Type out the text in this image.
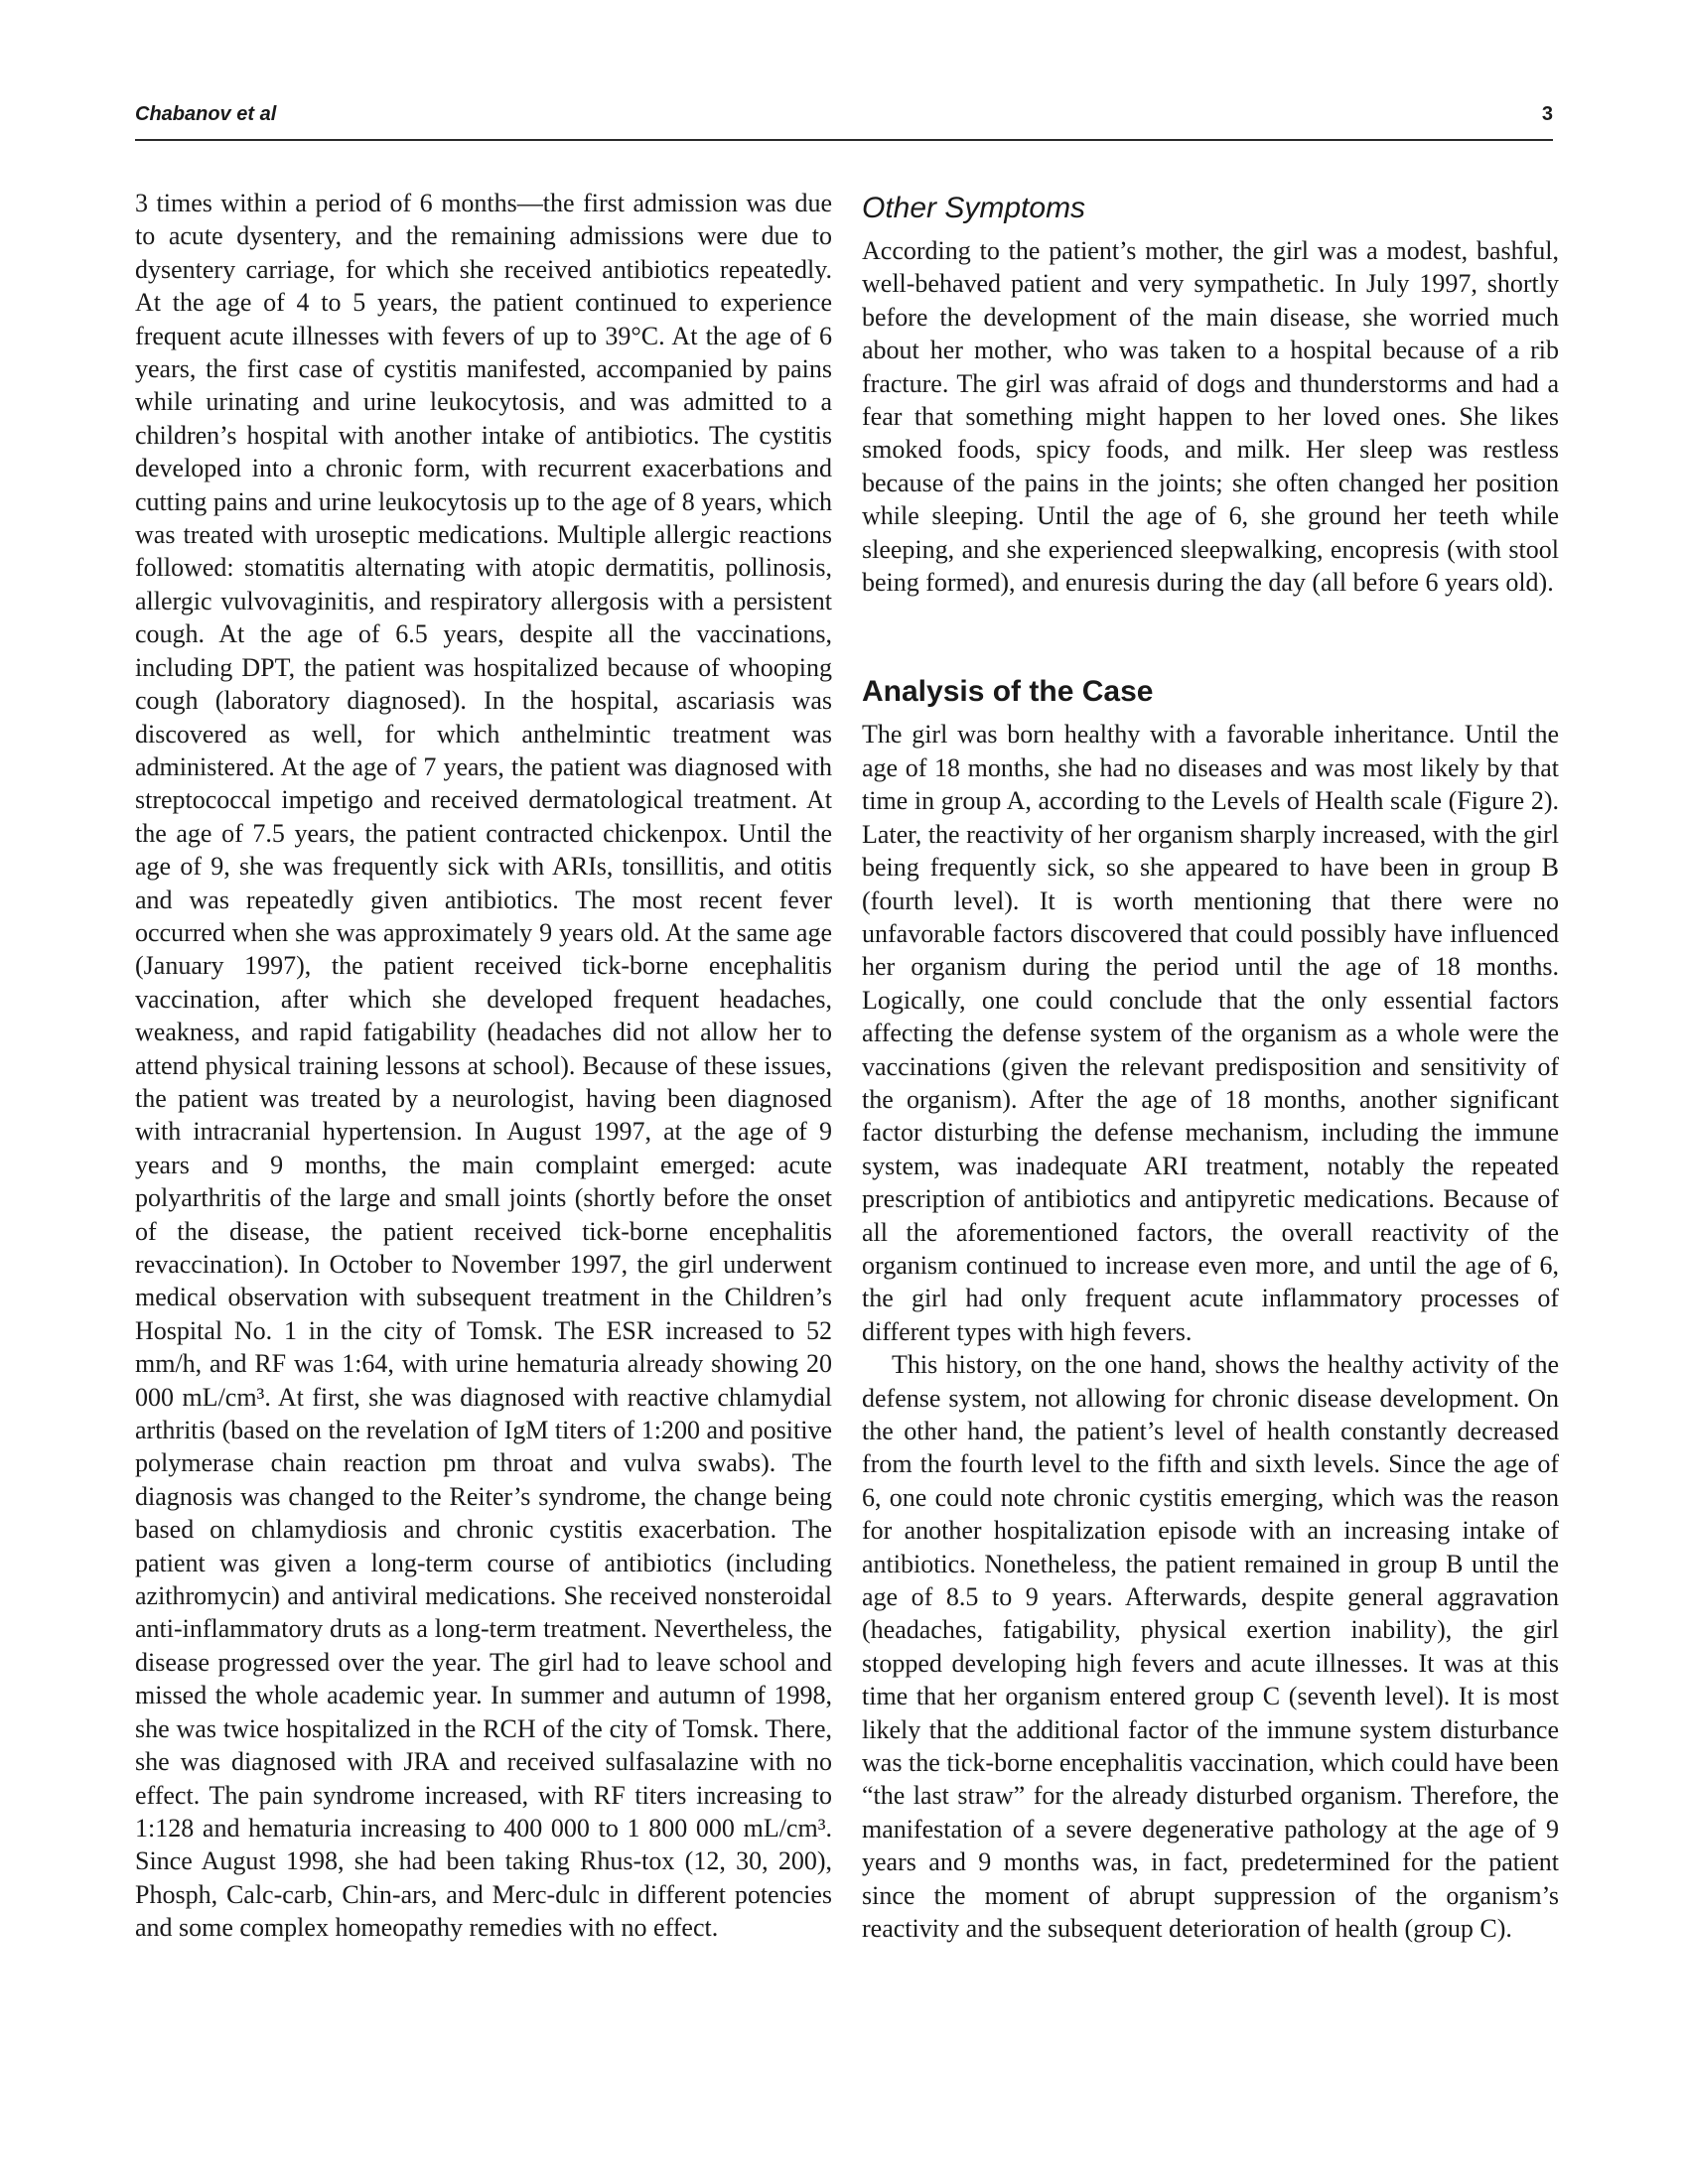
Chabanov et al	3

3 times within a period of 6 months—the first admission was due to acute dysentery, and the remaining admissions were due to dysentery carriage, for which she received antibiotics repeatedly. At the age of 4 to 5 years, the patient continued to experience frequent acute illnesses with fevers of up to 39°C. At the age of 6 years, the first case of cystitis manifested, accompanied by pains while urinating and urine leukocytosis, and was admitted to a children’s hospital with another intake of antibiotics. The cystitis developed into a chronic form, with recurrent exacerbations and cutting pains and urine leukocytosis up to the age of 8 years, which was treated with uroseptic medications. Multiple allergic reactions followed: stomatitis alternating with atopic dermatitis, pollinosis, allergic vulvovaginitis, and respiratory allergosis with a persistent cough. At the age of 6.5 years, despite all the vaccinations, including DPT, the patient was hospitalized because of whooping cough (laboratory diagnosed). In the hospital, ascariasis was discovered as well, for which anthelmintic treatment was administered. At the age of 7 years, the patient was diagnosed with streptococcal impetigo and received dermatological treatment. At the age of 7.5 years, the patient contracted chickenpox. Until the age of 9, she was frequently sick with ARIs, tonsillitis, and otitis and was repeatedly given antibiotics. The most recent fever occurred when she was approximately 9 years old. At the same age (January 1997), the patient received tick-borne encephalitis vaccination, after which she developed frequent headaches, weakness, and rapid fatigability (headaches did not allow her to attend physical training lessons at school). Because of these issues, the patient was treated by a neurologist, having been diagnosed with intracranial hypertension. In August 1997, at the age of 9 years and 9 months, the main complaint emerged: acute polyarthritis of the large and small joints (shortly before the onset of the disease, the patient received tick-borne encephalitis revaccination). In October to November 1997, the girl underwent medical observation with subsequent treatment in the Children’s Hospital No. 1 in the city of Tomsk. The ESR increased to 52 mm/h, and RF was 1:64, with urine hematuria already showing 20 000 mL/cm³. At first, she was diagnosed with reactive chlamydial arthritis (based on the revelation of IgM titers of 1:200 and positive polymerase chain reaction pm throat and vulva swabs). The diagnosis was changed to the Reiter’s syndrome, the change being based on chlamydiosis and chronic cystitis exacerbation. The patient was given a long-term course of antibiotics (including azithromycin) and antiviral medications. She received nonsteroidal anti-inflammatory druts as a long-term treatment. Nevertheless, the disease progressed over the year. The girl had to leave school and missed the whole academic year. In summer and autumn of 1998, she was twice hospitalized in the RCH of the city of Tomsk. There, she was diagnosed with JRA and received sulfasalazine with no effect. The pain syndrome increased, with RF titers increasing to 1:128 and hematuria increasing to 400 000 to 1 800 000 mL/cm³. Since August 1998, she had been taking Rhus-tox (12, 30, 200), Phosph, Calc-carb, Chin-ars, and Merc-dulc in different potencies and some complex homeopathy remedies with no effect.

Other Symptoms

According to the patient’s mother, the girl was a modest, bashful, well-behaved patient and very sympathetic. In July 1997, shortly before the development of the main disease, she worried much about her mother, who was taken to a hospital because of a rib fracture. The girl was afraid of dogs and thunderstorms and had a fear that something might happen to her loved ones. She likes smoked foods, spicy foods, and milk. Her sleep was restless because of the pains in the joints; she often changed her position while sleeping. Until the age of 6, she ground her teeth while sleeping, and she experienced sleepwalking, encopresis (with stool being formed), and enuresis during the day (all before 6 years old).

Analysis of the Case

The girl was born healthy with a favorable inheritance. Until the age of 18 months, she had no diseases and was most likely by that time in group A, according to the Levels of Health scale (Figure 2). Later, the reactivity of her organism sharply increased, with the girl being frequently sick, so she appeared to have been in group B (fourth level). It is worth mentioning that there were no unfavorable factors discovered that could possibly have influenced her organism during the period until the age of 18 months. Logically, one could conclude that the only essential factors affecting the defense system of the organism as a whole were the vaccinations (given the relevant predisposition and sensitivity of the organism). After the age of 18 months, another significant factor disturbing the defense mechanism, including the immune system, was inadequate ARI treatment, notably the repeated prescription of antibiotics and antipyretic medications. Because of all the aforementioned factors, the overall reactivity of the organism continued to increase even more, and until the age of 6, the girl had only frequent acute inflammatory processes of different types with high fevers.

This history, on the one hand, shows the healthy activity of the defense system, not allowing for chronic disease development. On the other hand, the patient’s level of health constantly decreased from the fourth level to the fifth and sixth levels. Since the age of 6, one could note chronic cystitis emerging, which was the reason for another hospitalization episode with an increasing intake of antibiotics. Nonetheless, the patient remained in group B until the age of 8.5 to 9 years. Afterwards, despite general aggravation (headaches, fatigability, physical exertion inability), the girl stopped developing high fevers and acute illnesses. It was at this time that her organism entered group C (seventh level). It is most likely that the additional factor of the immune system disturbance was the tick-borne encephalitis vaccination, which could have been “the last straw” for the already disturbed organism. Therefore, the manifestation of a severe degenerative pathology at the age of 9 years and 9 months was, in fact, predetermined for the patient since the moment of abrupt suppression of the organism’s reactivity and the subsequent deterioration of health (group C).
